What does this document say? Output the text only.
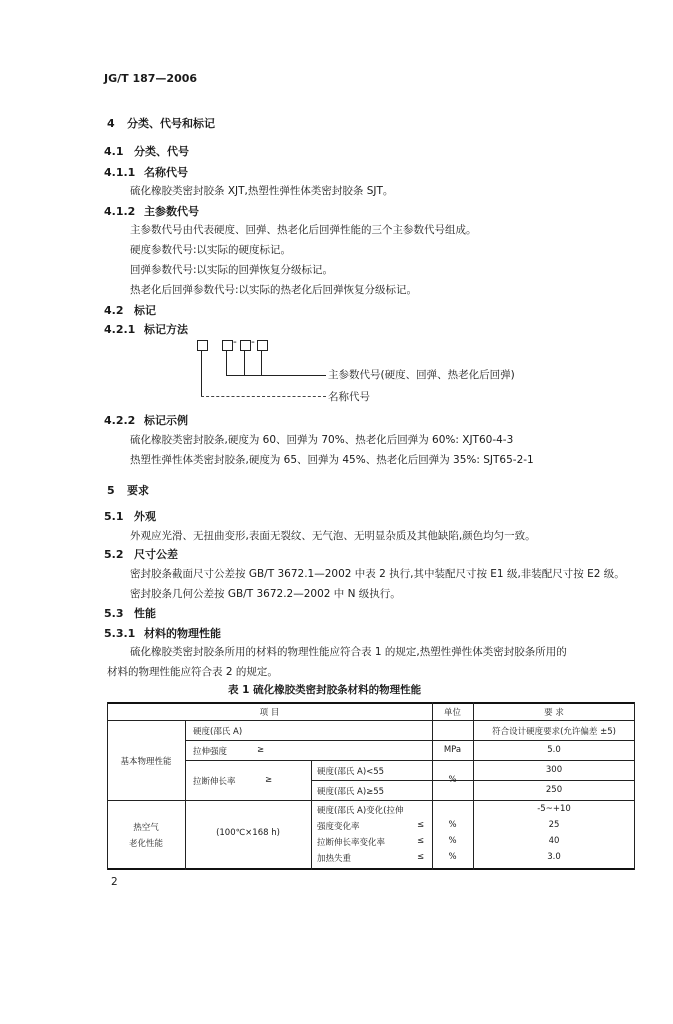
JG/T 187—2006
4 分类、代号和标记
4.1 分类、代号
4.1.1 名称代号
硫化橡胶类密封胶条 XJT,热塑性弹性体类密封胶条 SJT。
4.1.2 主参数代号
主参数代号由代表硬度、回弹、热老化后回弹性能的三个主参数代号组成。
硬度参数代号:以实际的硬度标记。
回弹参数代号:以实际的回弹恢复分级标记。
热老化后回弹参数代号:以实际的热老化后回弹恢复分级标记。
4.2 标记
4.2.1 标记方法
- -
主参数代号(硬度、回弹、热老化后回弹)
名称代号
4.2.2 标记示例
硫化橡胶类密封胶条,硬度为 60、回弹为 70%、热老化后回弹为 60%: XJT60-4-3
热塑性弹性体类密封胶条,硬度为 65、回弹为 45%、热老化后回弹为 35%: SJT65-2-1
5 要求
5.1 外观
外观应光滑、无扭曲变形,表面无裂纹、无气泡、无明显杂质及其他缺陷,颜色均匀一致。
5.2 尺寸公差
密封胶条截面尺寸公差按 GB/T 3672.1—2002 中表 2 执行,其中装配尺寸按 E1 级,非装配尺寸按 E2 级。
密封胶条几何公差按 GB/T 3672.2—2002 中 N 级执行。
5.3 性能
5.3.1 材料的物理性能
硫化橡胶类密封胶条所用的材料的物理性能应符合表 1 的规定,热塑性弹性体类密封胶条所用的
材料的物理性能应符合表 2 的规定。
表 1 硫化橡胶类密封胶条材料的物理性能
项 目	单位	要 求
基本物理性能
硬度(邵氏 A)	符合设计硬度要求(允许偏差 ±5)
拉伸强度	≥	MPa	5.0
拉断伸长率	≥	%
硬度(邵氏 A)<55	300
硬度(邵氏 A)≥55	250
热空气
老化性能
(100℃×168 h)
硬度(邵氏 A)变化(拉伸	-5~+10
强度变化率	≤	%	25
拉断伸长率变化率	≤	%	40
加热失重	≤	%	3.0
2
